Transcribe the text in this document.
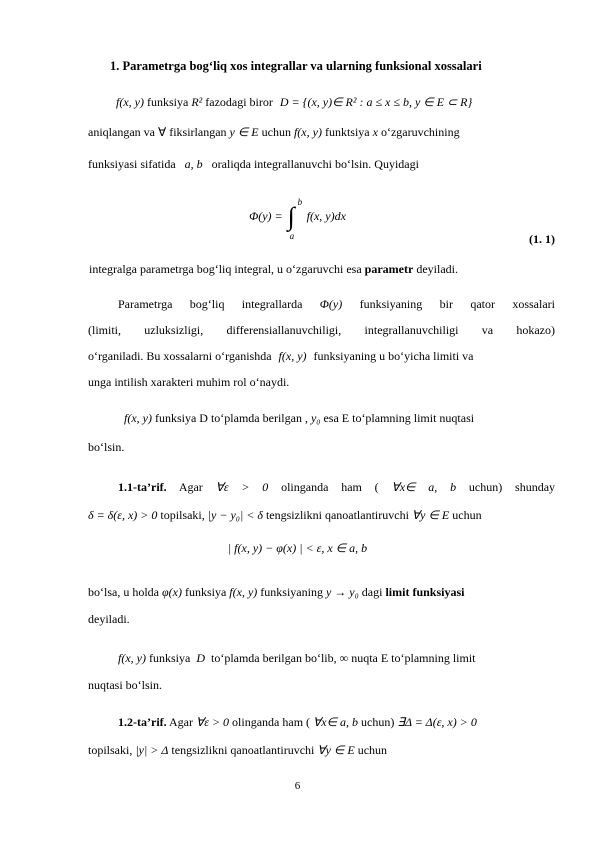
1. Parametrga bog‘liq xos integrallar va ularning funksional xossalari
f(x, y) funksiya R² fazodagi biror D = {(x, y)∈ R² : a ≤ x ≤ b, y ∈ E ⊂ R}
aniqlangan va ∀ fiksirlangan y ∈ E uchun f(x, y) funktsiya x o‘zgaruvchining
funksiyasi sifatida a, b oraliqda integrallanuvchi bo‘lsin. Quyidagi
Φ(y) = ∫ b
a
f(x, y)dx
(1. 1)
integralga parametrga bog‘liq integral, u o‘zgaruvchi esa parametr deyiladi.
Parametrga bog‘liq integrallarda Φ(y) funksiyaning bir qator xossalari
(limiti, uzluksizligi, differensiallanuvchiligi, integrallanuvchiligi va hokazo)
o‘rganiladi. Bu xossalarni o‘rganishda f(x, y) funksiyaning u bo‘yicha limiti va
unga intilish xarakteri muhim rol o‘naydi.
f(x, y) funksiya D to‘plamda berilgan , y₀ esa E to‘plamning limit nuqtasi
bo‘lsin.
1.1-ta’rif. Agar ∀ε > 0 olinganda ham ( ∀x∈ a, b uchun) shunday
δ = δ(ε, x) > 0 topilsaki, |y − y₀| < δ tengsizlikni qanoatlantiruvchi ∀y ∈ E uchun
| f(x, y) − φ(x) | < ε, x ∈ a, b
bo‘lsa, u holda φ(x) funksiya f(x, y) funksiyaning y → y₀ dagi limit funksiyasi
deyiladi.
f(x, y) funksiya D to‘plamda berilgan bo‘lib, ∞ nuqta E to‘plamning limit
nuqtasi bo‘lsin.
1.2-ta’rif. Agar ∀ε > 0 olinganda ham ( ∀x∈ a, b uchun) ∃Δ = Δ(ε, x) > 0
topilsaki, |y| > Δ tengsizlikni qanoatlantiruvchi ∀y ∈ E uchun
6
